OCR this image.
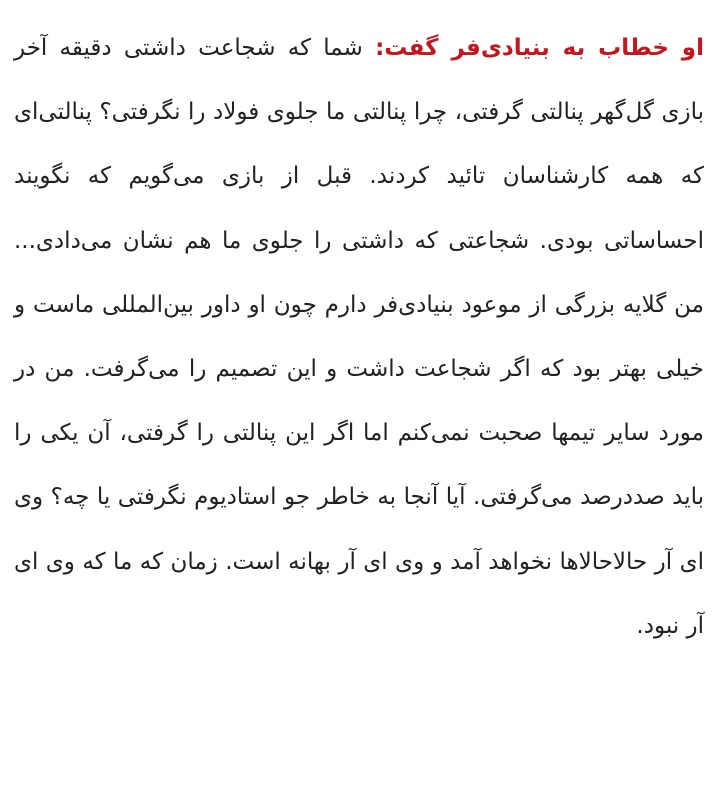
او خطاب به بنیادی‌فر گفت: شما که شجاعت داشتی دقیقه آخر بازی گل‌گهر پنالتی گرفتی، چرا پنالتی ما جلوی فولاد را نگرفتی؟ پنالتی‌ای که همه کارشناسان تائید کردند. قبل از بازی می‌گویم که نگویند احساساتی بودی. شجاعتی که داشتی را جلوی ما هم نشان می‌دادی... من گلایه بزرگی از موعود بنیادی‌فر دارم چون او داور بین‌المللی ماست و خیلی بهتر بود که اگر شجاعت داشت و این تصمیم را می‌گرفت. من در مورد سایر تیمها صحبت نمی‌کنم اما اگر این پنالتی را گرفتی، آن یکی را باید صددرصد می‌گرفتی. آیا آنجا به خاطر جو استادیوم نگرفتی یا چه؟ وی ای آر حالاحالاها نخواهد آمد و وی ای آر بهانه است. زمان که ما که وی ای آر نبود.
